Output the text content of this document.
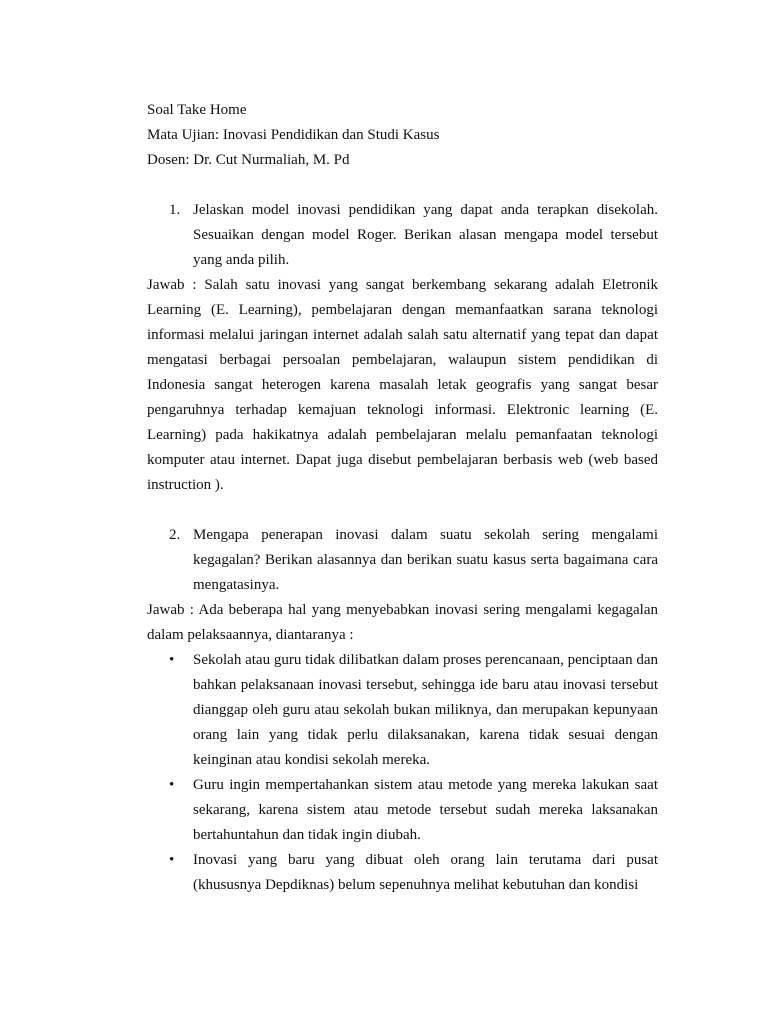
Soal Take Home
Mata Ujian: Inovasi Pendidikan dan Studi Kasus
Dosen: Dr. Cut Nurmaliah, M. Pd
1. Jelaskan model inovasi pendidikan yang dapat anda terapkan disekolah. Sesuaikan dengan model Roger. Berikan alasan mengapa model tersebut yang anda pilih.
Jawab : Salah satu inovasi yang sangat berkembang sekarang adalah Eletronik Learning (E. Learning), pembelajaran dengan memanfaatkan sarana teknologi informasi melalui jaringan internet adalah salah satu alternatif yang tepat dan dapat mengatasi berbagai persoalan pembelajaran, walaupun sistem pendidikan di Indonesia sangat heterogen karena masalah letak geografis yang sangat besar pengaruhnya terhadap kemajuan teknologi informasi. Elektronic learning (E. Learning) pada hakikatnya adalah pembelajaran melalu pemanfaatan teknologi komputer atau internet. Dapat juga disebut pembelajaran berbasis web (web based instruction ).
2. Mengapa penerapan inovasi dalam suatu sekolah sering mengalami kegagalan? Berikan alasannya dan berikan suatu kasus serta bagaimana cara mengatasinya.
Jawab : Ada beberapa hal yang menyebabkan inovasi sering mengalami kegagalan dalam pelaksaannya, diantaranya :
• Sekolah atau guru tidak dilibatkan dalam proses perencanaan, penciptaan dan bahkan pelaksanaan inovasi tersebut, sehingga ide baru atau inovasi tersebut dianggap oleh guru atau sekolah bukan miliknya, dan merupakan kepunyaan orang lain yang tidak perlu dilaksanakan, karena tidak sesuai dengan keinginan atau kondisi sekolah mereka.
• Guru ingin mempertahankan sistem atau metode yang mereka lakukan saat sekarang, karena sistem atau metode tersebut sudah mereka laksanakan bertahuntahun dan tidak ingin diubah.
• Inovasi yang baru yang dibuat oleh orang lain terutama dari pusat (khususnya Depdiknas) belum sepenuhnya melihat kebutuhan dan kondisi
